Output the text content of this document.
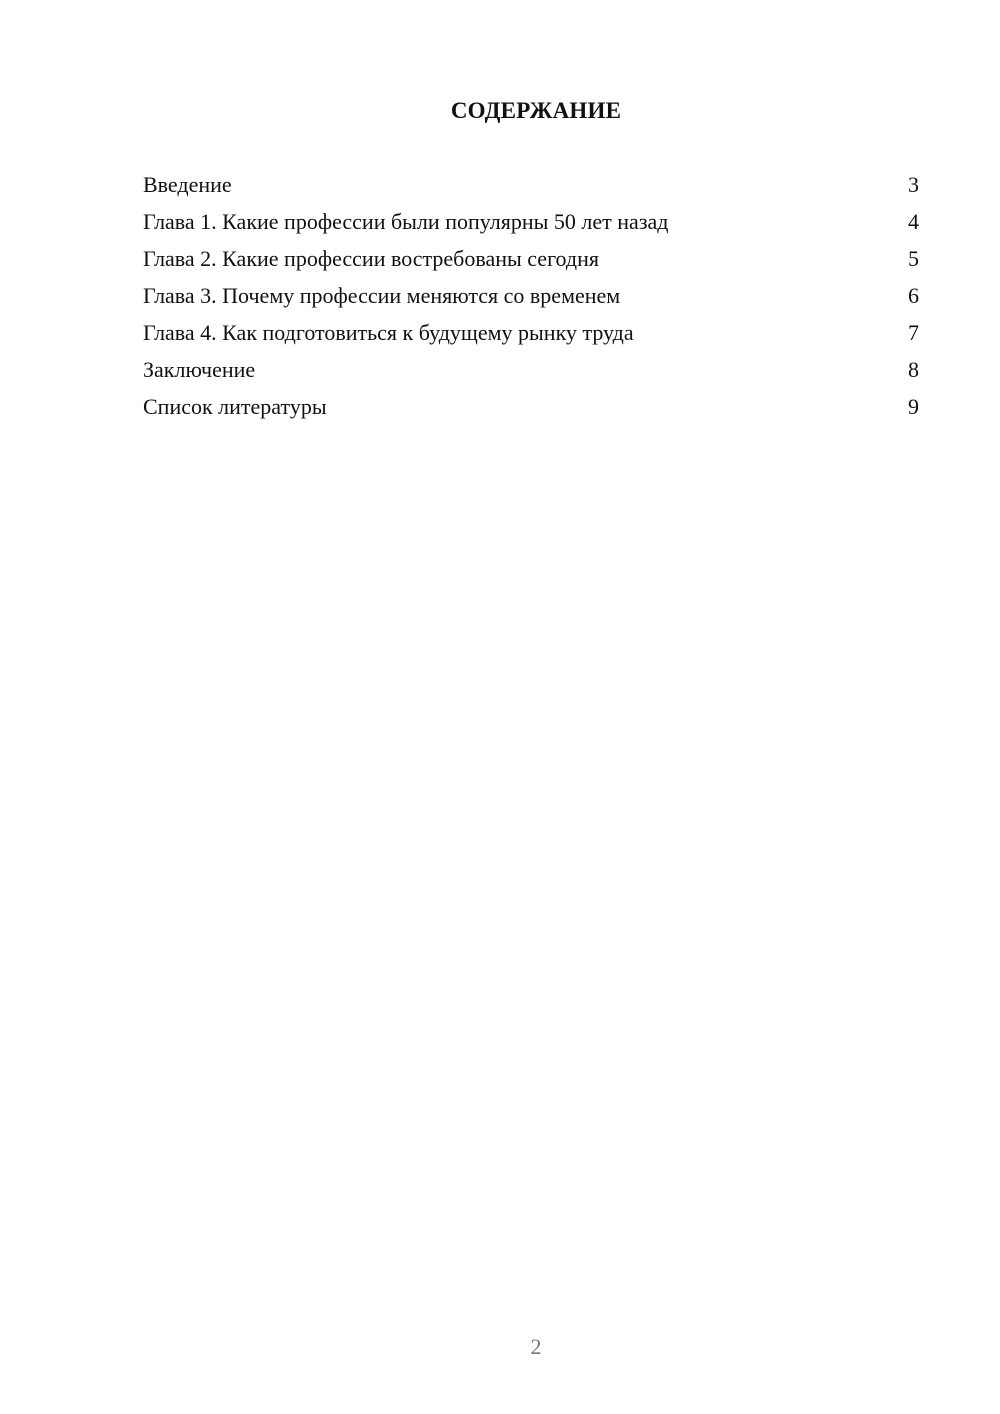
СОДЕРЖАНИЕ
Введение	3
Глава 1. Какие профессии были популярны 50 лет назад	4
Глава 2. Какие профессии востребованы сегодня	5
Глава 3. Почему профессии меняются со временем	6
Глава 4. Как подготовиться к будущему рынку труда	7
Заключение	8
Список литературы	9
2
